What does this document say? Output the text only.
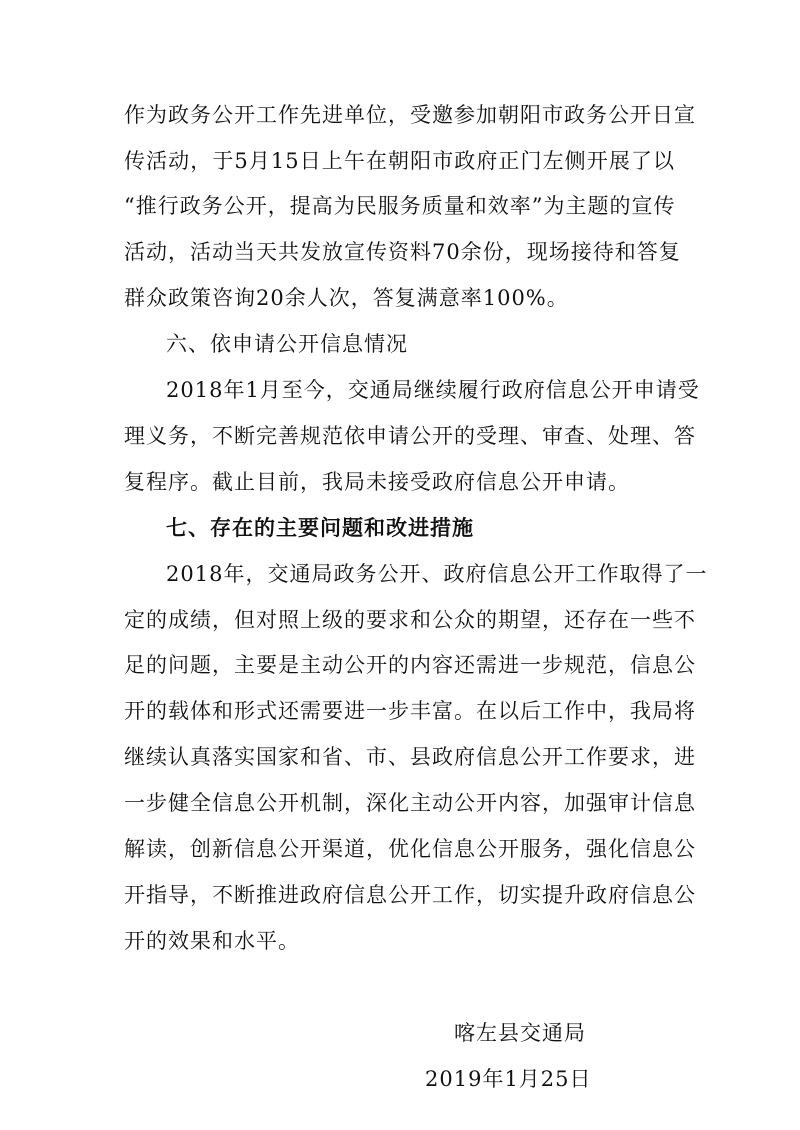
作为政务公开工作先进单位，受邀参加朝阳市政务公开日宣
传活动，于5月15日上午在朝阳市政府正门左侧开展了以
“推行政务公开，提高为民服务质量和效率”为主题的宣传
活动，活动当天共发放宣传资料70余份，现场接待和答复
群众政策咨询20余人次，答复满意率100%。
六、依申请公开信息情况
2018年1月至今，交通局继续履行政府信息公开申请受
理义务，不断完善规范依申请公开的受理、审查、处理、答
复程序。截止目前，我局未接受政府信息公开申请。
七、存在的主要问题和改进措施
2018年，交通局政务公开、政府信息公开工作取得了一
定的成绩，但对照上级的要求和公众的期望，还存在一些不
足的问题，主要是主动公开的内容还需进一步规范，信息公
开的载体和形式还需要进一步丰富。在以后工作中，我局将
继续认真落实国家和省、市、县政府信息公开工作要求，进
一步健全信息公开机制，深化主动公开内容，加强审计信息
解读，创新信息公开渠道，优化信息公开服务，强化信息公
开指导，不断推进政府信息公开工作，切实提升政府信息公
开的效果和水平。
喀左县交通局
2019年1月25日
